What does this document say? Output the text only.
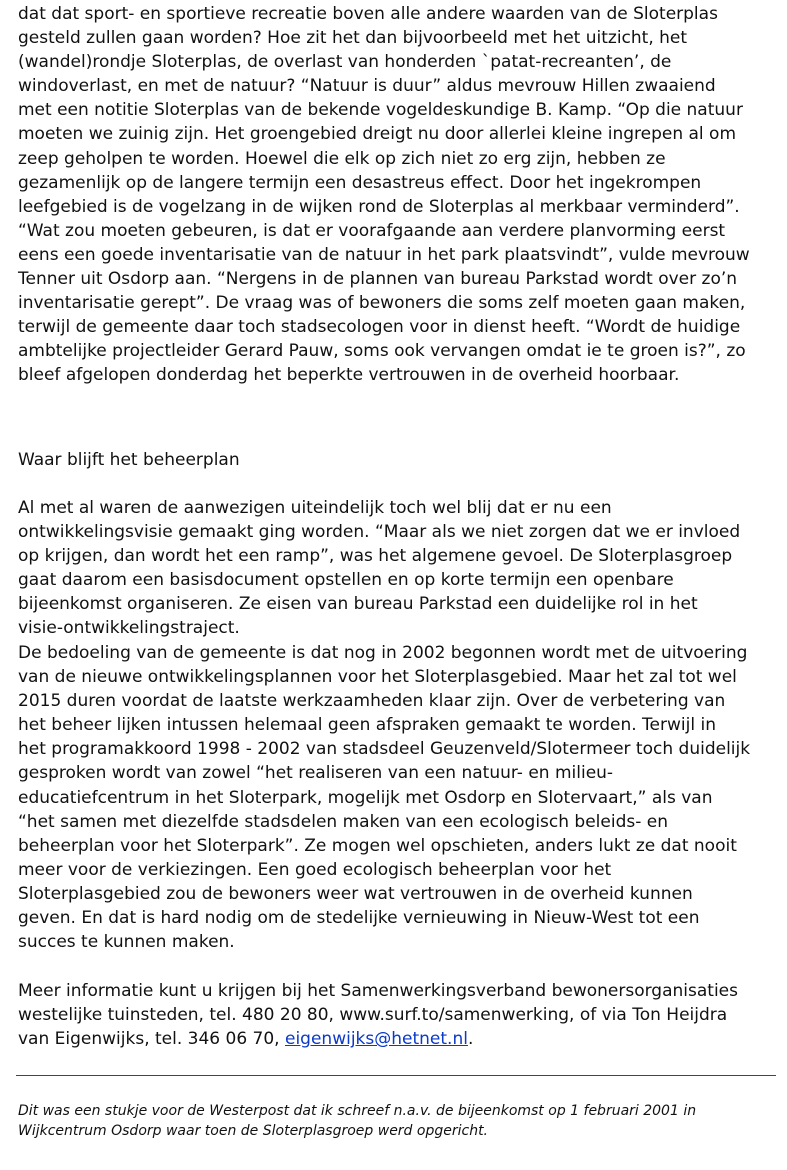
dat dat sport- en sportieve recreatie boven alle andere waarden van de Sloterplas
gesteld zullen gaan worden? Hoe zit het dan bijvoorbeeld met het uitzicht, het
(wandel)rondje Sloterplas, de overlast van honderden `patat-recreanten’, de
windoverlast, en met de natuur? “Natuur is duur” aldus mevrouw Hillen zwaaiend
met een notitie Sloterplas van de bekende vogeldeskundige B. Kamp. “Op die natuur
moeten we zuinig zijn. Het groengebied dreigt nu door allerlei kleine ingrepen al om
zeep geholpen te worden. Hoewel die elk op zich niet zo erg zijn, hebben ze
gezamenlijk op de langere termijn een desastreus effect. Door het ingekrompen
leefgebied is de vogelzang in de wijken rond de Sloterplas al merkbaar verminderd”.
“Wat zou moeten gebeuren, is dat er voorafgaande aan verdere planvorming eerst
eens een goede inventarisatie van de natuur in het park plaatsvindt”, vulde mevrouw
Tenner uit Osdorp aan. “Nergens in de plannen van bureau Parkstad wordt over zo’n
inventarisatie gerept”. De vraag was of bewoners die soms zelf moeten gaan maken,
terwijl de gemeente daar toch stadsecologen voor in dienst heeft. “Wordt de huidige
ambtelijke projectleider Gerard Pauw, soms ook vervangen omdat ie te groen is?”, zo
bleef afgelopen donderdag het beperkte vertrouwen in de overheid hoorbaar.

Waar blijft het beheerplan

Al met al waren de aanwezigen uiteindelijk toch wel blij dat er nu een
ontwikkelingsvisie gemaakt ging worden. “Maar als we niet zorgen dat we er invloed
op krijgen, dan wordt het een ramp”, was het algemene gevoel. De Sloterplasgroep
gaat daarom een basisdocument opstellen en op korte termijn een openbare
bijeenkomst organiseren. Ze eisen van bureau Parkstad een duidelijke rol in het
visie-ontwikkelingstraject.

De bedoeling van de gemeente is dat nog in 2002 begonnen wordt met de uitvoering
van de nieuwe ontwikkelingsplannen voor het Sloterplasgebied. Maar het zal tot wel
2015 duren voordat de laatste werkzaamheden klaar zijn. Over de verbetering van
het beheer lijken intussen helemaal geen afspraken gemaakt te worden. Terwijl in
het programakkoord 1998 - 2002 van stadsdeel Geuzenveld/Slotermeer toch duidelijk
gesproken wordt van zowel “het realiseren van een natuur- en milieu-
educatiefcentrum in het Sloterpark, mogelijk met Osdorp en Slotervaart,” als van
“het samen met diezelfde stadsdelen maken van een ecologisch beleids- en
beheerplan voor het Sloterpark”. Ze mogen wel opschieten, anders lukt ze dat nooit
meer voor de verkiezingen. Een goed ecologisch beheerplan voor het
Sloterplasgebied zou de bewoners weer wat vertrouwen in de overheid kunnen
geven. En dat is hard nodig om de stedelijke vernieuwing in Nieuw-West tot een
succes te kunnen maken.

Meer informatie kunt u krijgen bij het Samenwerkingsverband bewonersorganisaties
westelijke tuinsteden, tel. 480 20 80, www.surf.to/samenwerking, of via Ton Heijdra
van Eigenwijks, tel. 346 06 70, eigenwijks@hetnet.nl.

Dit was een stukje voor de Westerpost dat ik schreef n.a.v. de bijeenkomst op 1 februari 2001 in
Wijkcentrum Osdorp waar toen de Sloterplasgroep werd opgericht.
